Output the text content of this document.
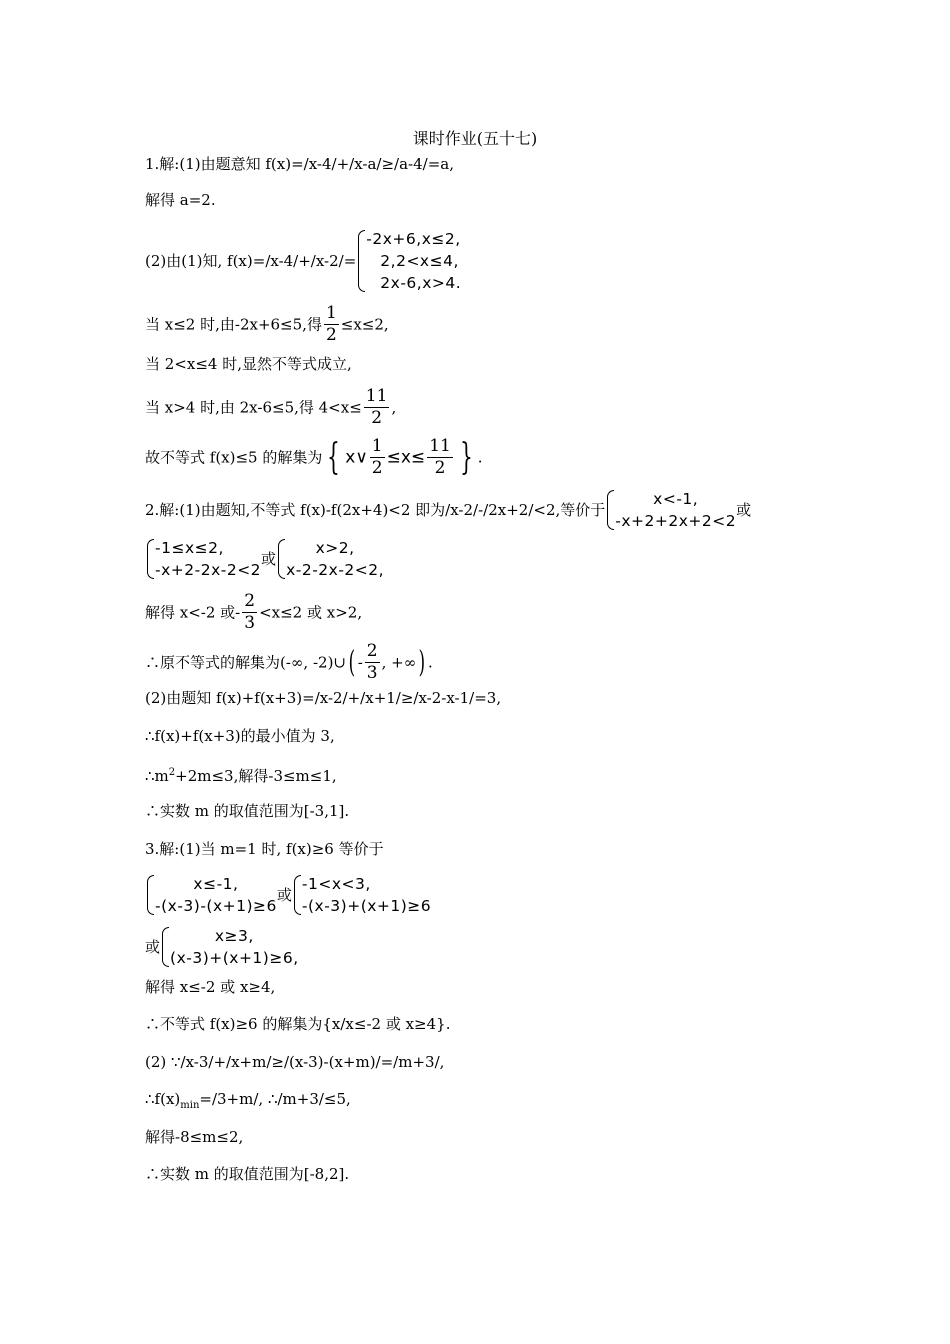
课时作业(五十七)
1.解:(1)由题意知 f(x)=/x-4/+/x-a/≥/a-4/=a,
解得 a=2.
(2)由(1)知, f(x)=/x-4/+/x-2/=
-2x+6,x≤2,
2,2<x≤4,
2x-6,x>4.
当 x≤2 时,由-2x+6≤5,得 $\frac{1}{2} \le x\le 2$,
当 2<x≤4 时,显然不等式成立,
当 x>4 时,由 2x-6≤5,得 $4<x\le \frac{11}{2}$ ,
故不等式 f(x)≤5 的解集为 { x∨ $\frac{1}{2} \le x\le \frac{11}{2}$ } .
2.解:(1)由题知,不等式 f(x)-f(2x+4)<2 即为/x-2/-/2x+2/<2,等价于
x<-1,
-x+2+2x+2<2
或
-1≤x≤2,
-x+2-2x-2<2
或
x>2,
x-2-2x-2<2,
解得 x<-2 或- $\frac{2}{3} <x\le 2$ 或 x>2,
∴原不等式的解集为(-∞, -2)∪( - $\frac{2}{3}$ , +∞) .
(2)由题知 f(x)+f(x+3)=/x-2/+/x+1/≥/x-2-x-1/=3,
∴f(x)+f(x+3)的最小值为 3,
$\therefore m^2+2m\le 3$,解得-3≤m≤1,
∴实数 m 的取值范围为[-3,1].
3.解:(1)当 m=1 时, f(x)≥6 等价于
x≤-1,
-(x-3)-(x+1)≥6
或
-1<x<3,
-(x-3)+(x+1)≥6
或
x≥3,
(x-3)+(x+1)≥6,
解得 x≤-2 或 x≥4,
∴不等式 f(x)≥6 的解集为{x/x≤-2 或 x≥4}.
(2) ∵/x-3/+/x+m/≥/(x-3)-(x+m)/=/m+3/,
$\therefore f(x)_{min}=/3+m/$, ∴/m+3/≤5,
解得-8≤m≤2,
∴实数 m 的取值范围为[-8,2].
